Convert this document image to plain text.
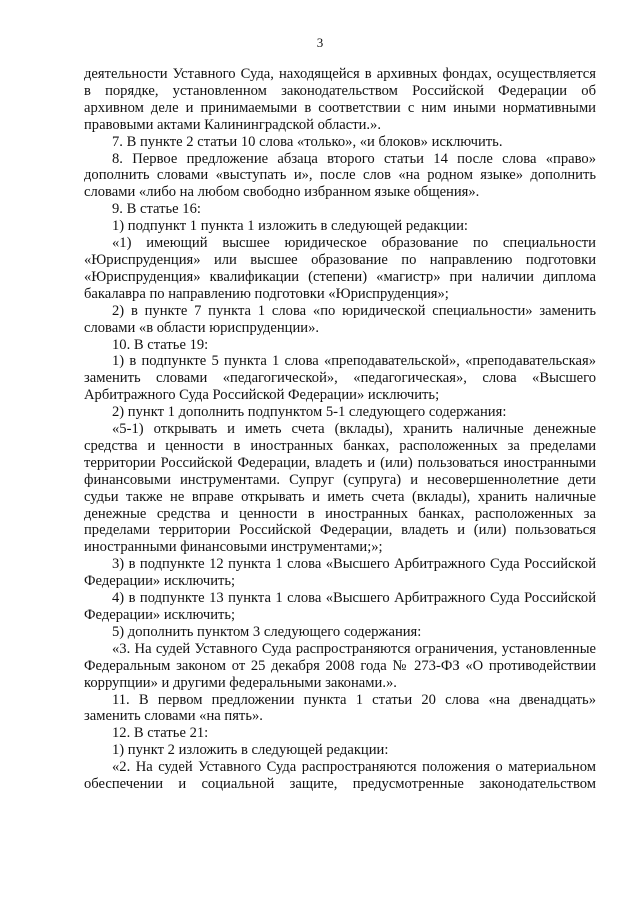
3

деятельности Уставного Суда, находящейся в архивных фондах, осуществляется в порядке, установленном законодательством Российской Федерации об архивном деле и принимаемыми в соответствии с ним иными нормативными правовыми актами Калининградской области.».

7. В пункте 2 статьи 10 слова «только», «и блоков» исключить.

8. Первое предложение абзаца второго статьи 14 после слова «право» дополнить словами «выступать и», после слов «на родном языке» дополнить словами «либо на любом свободно избранном языке общения».

9. В статье 16:

1) подпункт 1 пункта 1 изложить в следующей редакции:

«1) имеющий высшее юридическое образование по специальности «Юриспруденция» или высшее образование по направлению подготовки «Юриспруденция» квалификации (степени) «магистр» при наличии диплома бакалавра по направлению подготовки «Юриспруденция»;

2) в пункте 7 пункта 1 слова «по юридической специальности» заменить словами «в области юриспруденции».

10. В статье 19:

1) в подпункте 5 пункта 1 слова «преподавательской», «преподавательская» заменить словами «педагогической», «педагогическая», слова «Высшего Арбитражного Суда Российской Федерации» исключить;

2) пункт 1 дополнить подпунктом 5-1 следующего содержания:

«5-1) открывать и иметь счета (вклады), хранить наличные денежные средства и ценности в иностранных банках, расположенных за пределами территории Российской Федерации, владеть и (или) пользоваться иностранными финансовыми инструментами. Супруг (супруга) и несовершеннолетние дети судьи также не вправе открывать и иметь счета (вклады), хранить наличные денежные средства и ценности в иностранных банках, расположенных за пределами территории Российской Федерации, владеть и (или) пользоваться иностранными финансовыми инструментами;»;

3) в подпункте 12 пункта 1 слова «Высшего Арбитражного Суда Российской Федерации» исключить;

4) в подпункте 13 пункта 1 слова «Высшего Арбитражного Суда Российской Федерации» исключить;

5) дополнить пунктом 3 следующего содержания:

«3. На судей Уставного Суда распространяются ограничения, установленные Федеральным законом от 25 декабря 2008 года № 273-ФЗ «О противодействии коррупции» и другими федеральными законами.».

11. В первом предложении пункта 1 статьи 20 слова «на двенадцать» заменить словами «на пять».

12. В статье 21:

1) пункт 2 изложить в следующей редакции:

«2. На судей Уставного Суда распространяются положения о материальном обеспечении и социальной защите, предусмотренные законодательством
